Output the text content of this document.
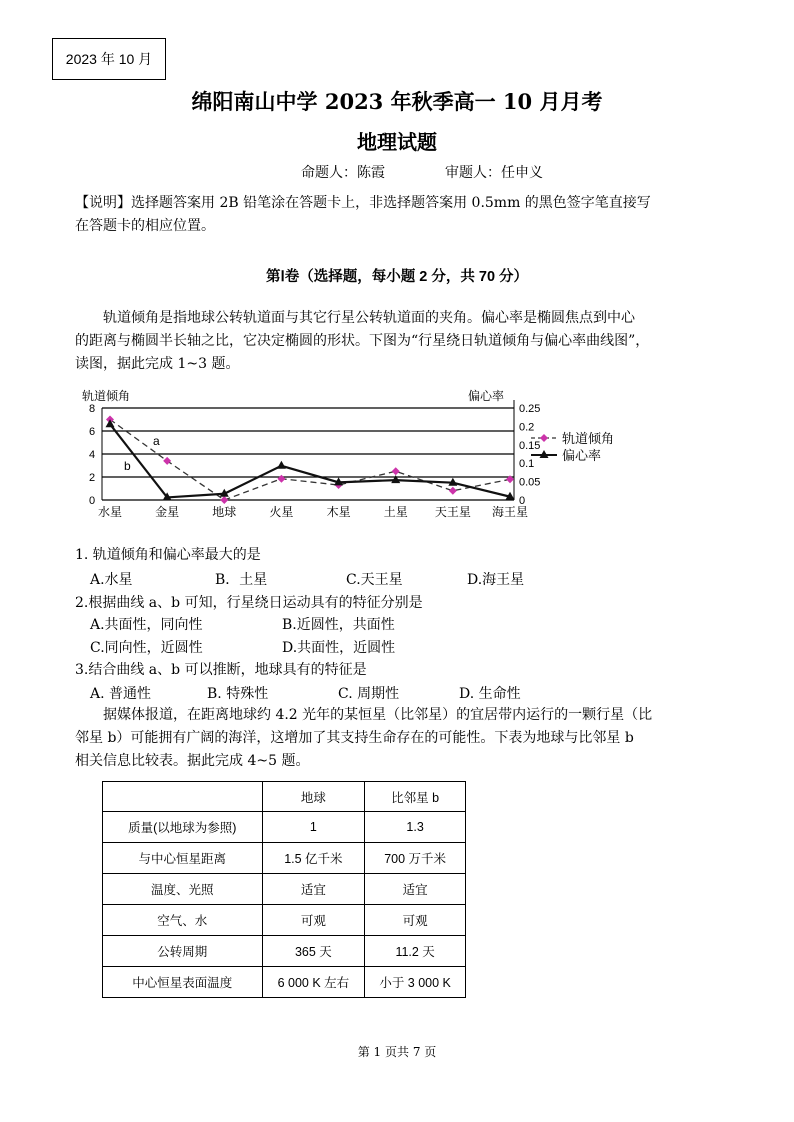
2023 年 10 月
绵阳南山中学 2023 年秋季高一 10 月月考
地理试题
命题人：陈霞	审题人：任申义
【说明】选择题答案用 2B 铅笔涂在答题卡上，非选择题答案用 0.5mm 的黑色签字笔直接写
在答题卡的相应位置。
第Ⅰ卷（选择题，每小题 2 分，共 70 分）
轨道倾角是指地球公转轨道面与其它行星公转轨道面的夹角。偏心率是椭圆焦点到中心
的距离与椭圆半长轴之比，它决定椭圆的形状。下图为“行星绕日轨道倾角与偏心率曲线图”，
读图，据此完成 1~3 题。
8
6
4
2
0
0.25
0.2
0.15
0.1
0.05
0
轨道倾角	偏心率
水星	金星	地球	火星	木星	土星 天王星 海王星
a
b
轨道倾角
偏心率
1. 轨道倾角和偏心率最大的是
A.水星	B．土星	C.天王星	D.海王星
2.根据曲线 a、b 可知，行星绕日运动具有的特征分别是
A.共面性，同向性	B.近圆性，共面性
C.同向性，近圆性	D.共面性，近圆性
3.结合曲线 a、b 可以推断，地球具有的特征是
A. 普通性	B. 特殊性	C. 周期性	D. 生命性
据媒体报道，在距离地球约 4.2 光年的某恒星（比邻星）的宜居带内运行的一颗行星（比
邻星 b）可能拥有广阔的海洋，这增加了其支持生命存在的可能性。下表为地球与比邻星 b
相关信息比较表。据此完成 4~5 题。
	地球	比邻星 b
质量(以地球为参照)	1	1.3
与中心恒星距离	1.5 亿千米	700 万千米
温度、光照	适宜	适宜
空气、水	可观	可观
公转周期	365 天	11.2 天
中心恒星表面温度	6 000 K 左右	小于 3 000 K
第 1 页共 7 页
